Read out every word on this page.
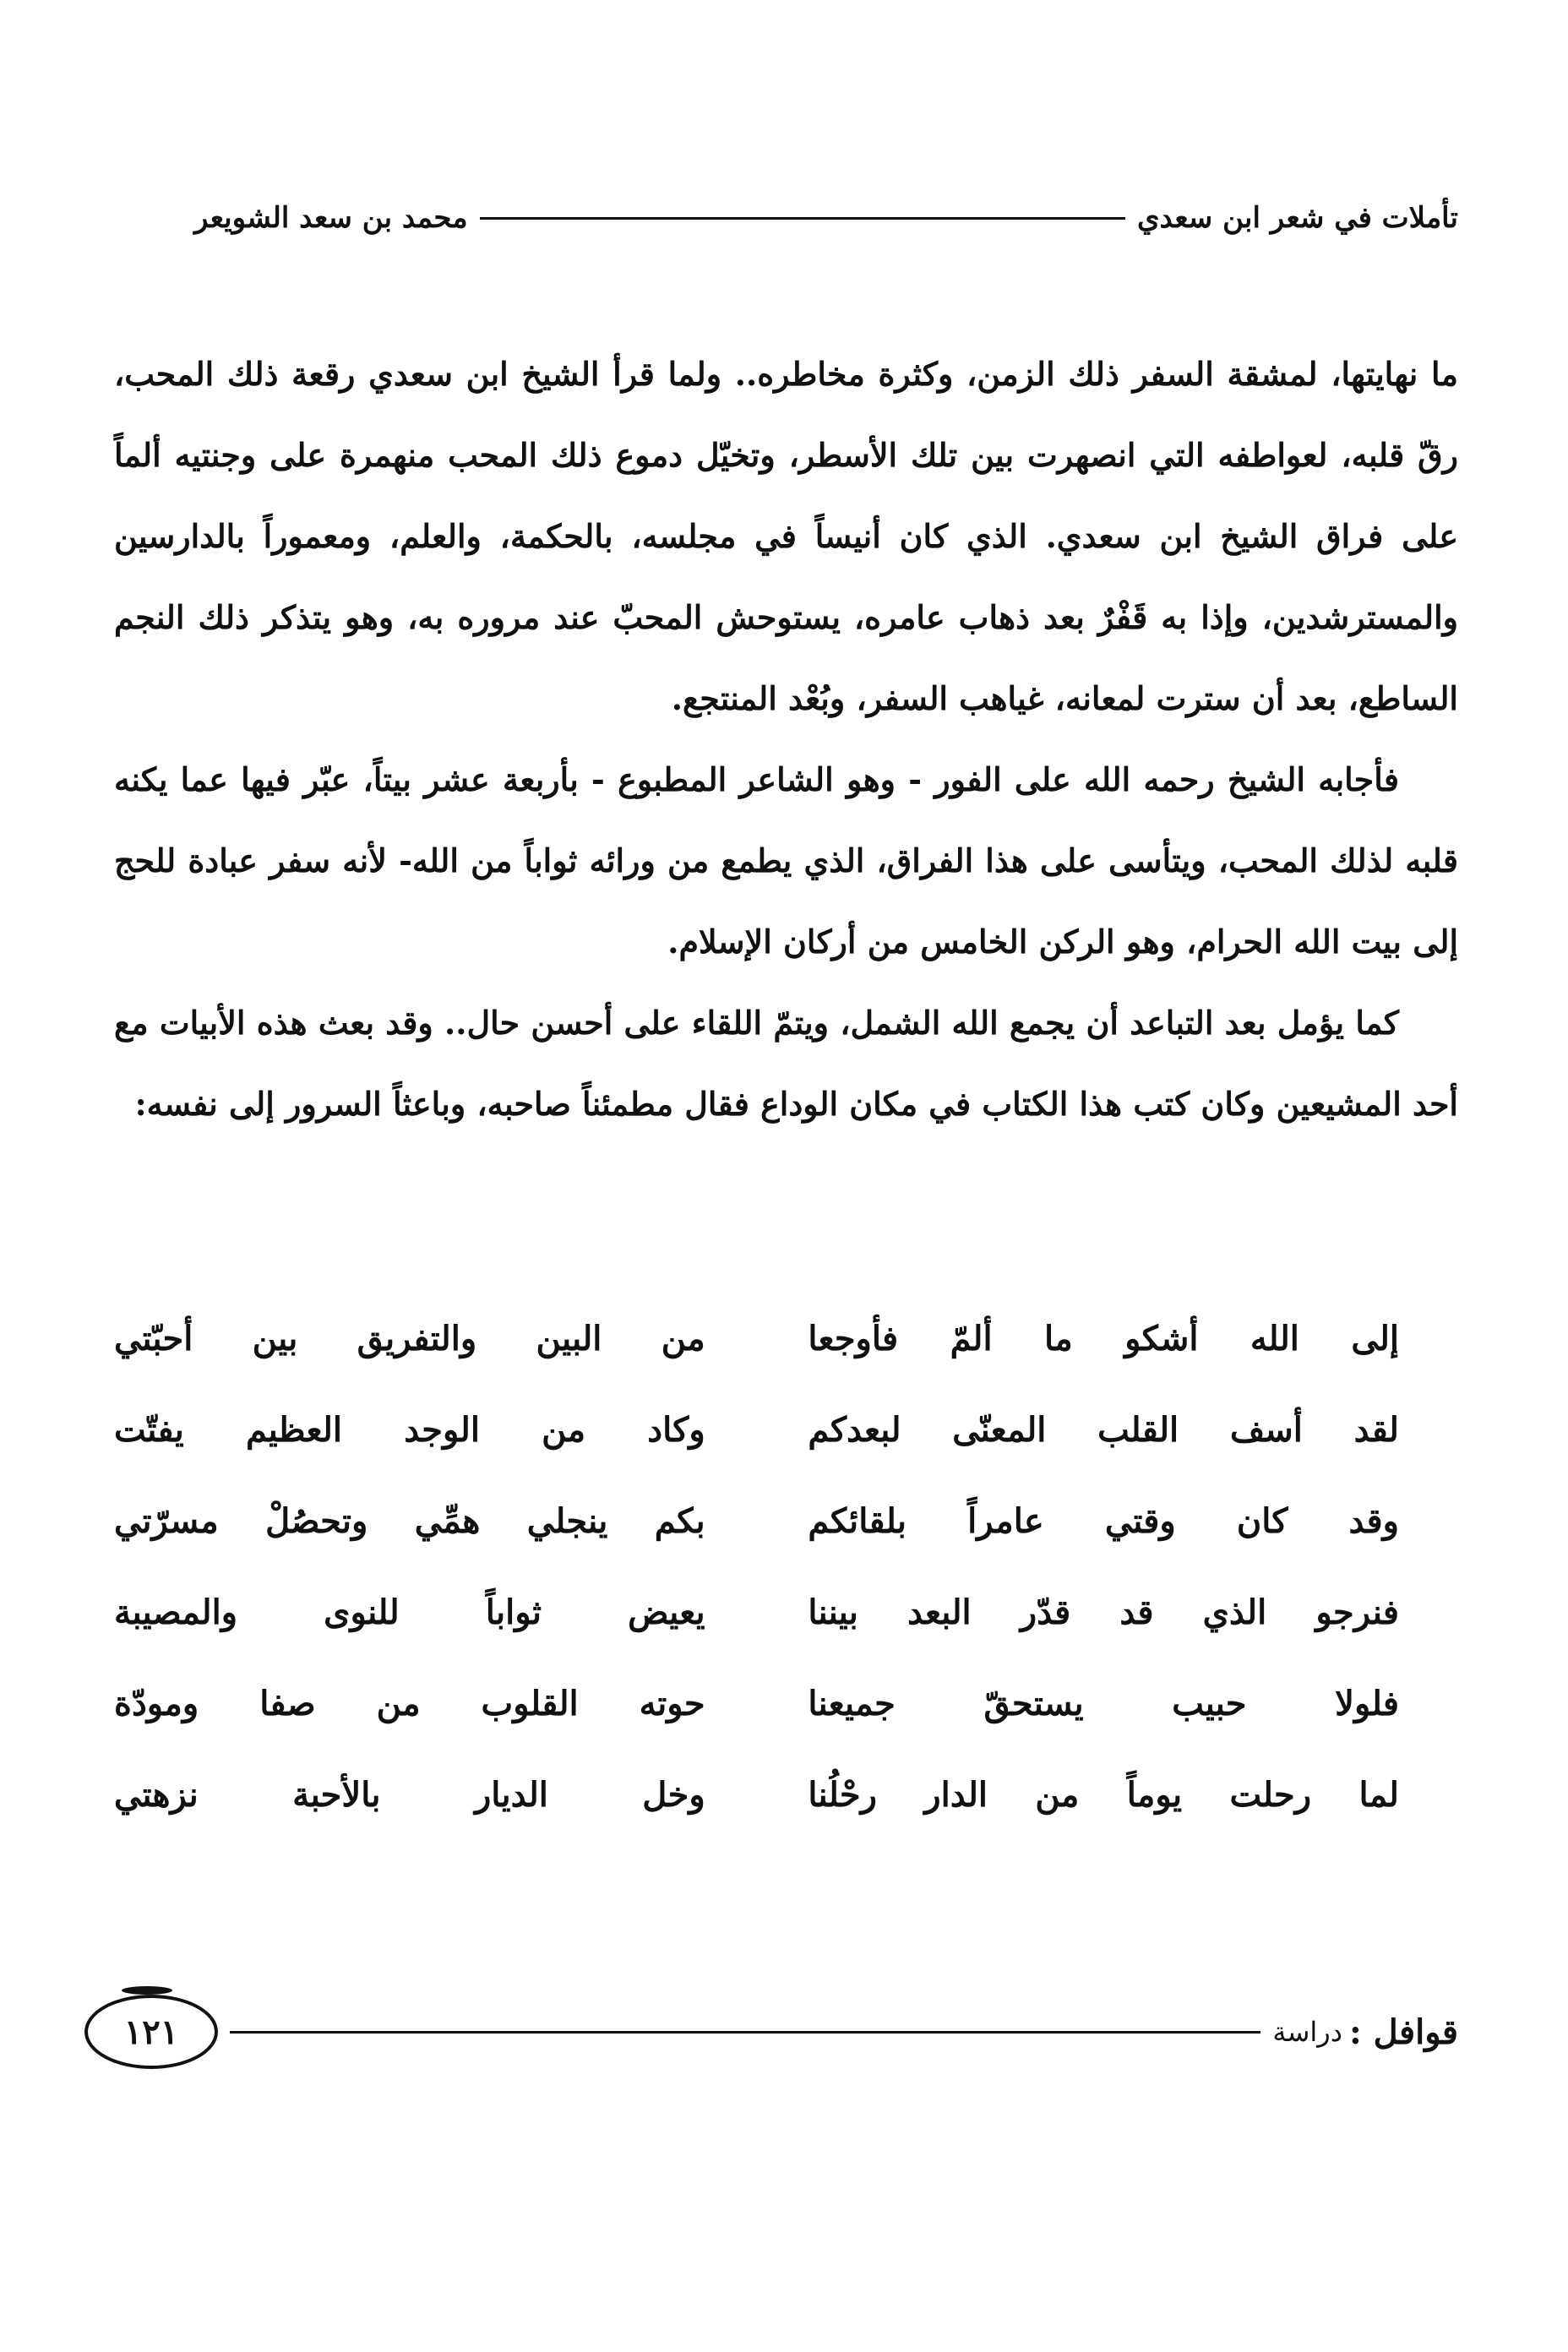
تأملات في شعر ابن سعدي
محمد بن سعد الشويعر

ما نهايتها، لمشقة السفر ذلك الزمن، وكثرة مخاطره.. ولما قرأ الشيخ ابن سعدي رقعة ذلك المحب، رقّ قلبه، لعواطفه التي انصهرت بين تلك الأسطر، وتخيّل دموع ذلك المحب منهمرة على وجنتيه ألماً على فراق الشيخ ابن سعدي. الذي كان أنيساً في مجلسه، بالحكمة، والعلم، ومعموراً بالدارسين والمسترشدين، وإذا به قَفْرٌ بعد ذهاب عامره، يستوحش المحبّ عند مروره به، وهو يتذكر ذلك النجم الساطع، بعد أن سترت لمعانه، غياهب السفر، وبُعْد المنتجع.

فأجابه الشيخ رحمه الله على الفور - وهو الشاعر المطبوع - بأربعة عشر بيتاً، عبّر فيها عما يكنه قلبه لذلك المحب، ويتأسى على هذا الفراق، الذي يطمع من ورائه ثواباً من الله- لأنه سفر عبادة للحج إلى بيت الله الحرام، وهو الركن الخامس من أركان الإسلام.

كما يؤمل بعد التباعد أن يجمع الله الشمل، ويتمّ اللقاء على أحسن حال.. وقد بعث هذه الأبيات مع أحد المشيعين وكان كتب هذا الكتاب في مكان الوداع فقال مطمئناً صاحبه، وباعثاً السرور إلى نفسه:

إلى الله أشكو ما ألمّ فأوجعا
من البين والتفريق بين أحبّتي
لقد أسف القلب المعنّى لبعدكم
وكاد من الوجد العظيم يفتّت
وقد كان وقتي عامراً بلقائكم
بكم ينجلي همِّي وتحصُلْ مسرّتي
فنرجو الذي قد قدّر البعد بيننا
يعيض ثواباً للنوى والمصيبة
فلولا حبيب يستحقّ جميعنا
حوته القلوب من صفا ومودّة
لما رحلت يوماً من الدار رحْلُنا
وخل الديار بالأحبة نزهتي
قوافل :
دراسة
١٢١
